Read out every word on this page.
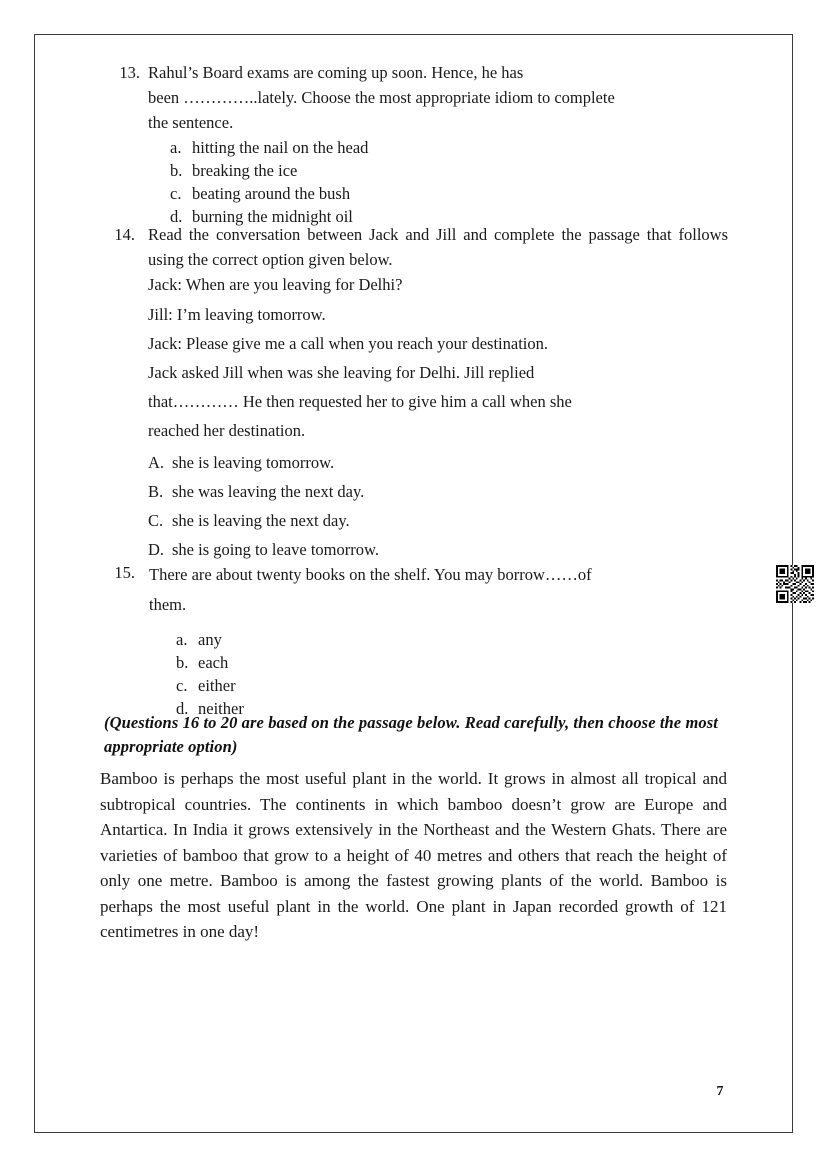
13. Rahul’s Board exams are coming up soon. Hence, he has
been …………..lately. Choose the most appropriate idiom to complete
the sentence.
a. hitting the nail on the head
b. breaking the ice
c. beating around the bush
d. burning the midnight oil
14. Read the conversation between Jack and Jill and complete the passage that follows using the correct option given below.
Jack: When are you leaving for Delhi?
Jill: I’m leaving tomorrow.
Jack: Please give me a call when you reach your destination.
Jack asked Jill when was she leaving for Delhi. Jill replied
that………… He then requested her to give him a call when she
reached her destination.
A. she is leaving tomorrow.
B. she was leaving the next day.
C. she is leaving the next day.
D. she is going to leave tomorrow.
15. There are about twenty books on the shelf. You may borrow……of
them.
a. any
b. each
c. either
d. neither
(Questions 16 to 20 are based on the passage below. Read carefully, then choose the most appropriate option)
Bamboo is perhaps the most useful plant in the world. It grows in almost all tropical and subtropical countries. The continents in which bamboo doesn’t grow are Europe and Antartica. In India it grows extensively in the Northeast and the Western Ghats. There are varieties of bamboo that grow to a height of 40 metres and others that reach the height of only one metre. Bamboo is among the fastest growing plants of the world. Bamboo is perhaps the most useful plant in the world. One plant in Japan recorded growth of 121 centimetres in one day!
7
